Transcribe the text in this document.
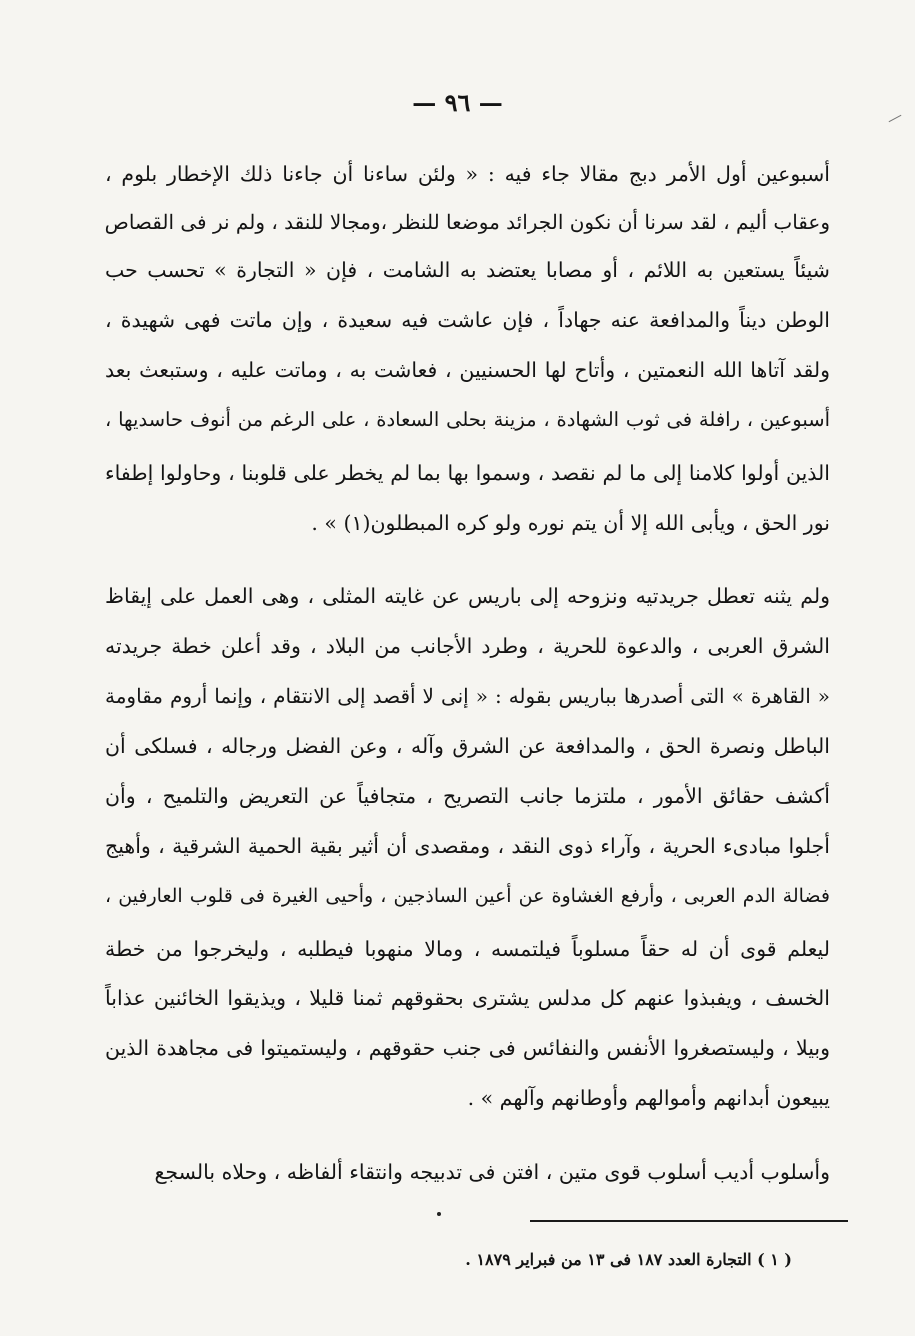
— ٩٦ —
أسبوعين أول الأمر دبج مقالا جاء فيه : « ولئن ساءنا أن جاءنا ذلك الإخطار بلوم ،
وعقاب أليم ، لقد سرنا أن نكون الجرائد موضعا للنظر ،ومجالا للنقد ، ولم نر فى القصاص
شيئاً يستعين به اللائم ، أو مصابا يعتضد به الشامت ، فإن « التجارة » تحسب حب
الوطن ديناً والمدافعة عنه جهاداً ، فإن عاشت فيه سعيدة ، وإن ماتت فهى شهيدة ،
ولقد آتاها الله النعمتين ، وأتاح لها الحسنيين ، فعاشت به ، وماتت عليه ، وستبعث بعد
أسبوعين ، رافلة فى ثوب الشهادة ، مزينة بحلى السعادة ، على الرغم من أنوف حاسديها ،
الذين أولوا كلامنا إلى ما لم نقصد ، وسموا بها بما لم يخطر على قلوبنا ، وحاولوا إطفاء
نور الحق ، ويأبى الله إلا أن يتم نوره ولو كره المبطلون(١) » .
ولم يثنه تعطل جريدتيه ونزوحه إلى باريس عن غايته المثلى ، وهى العمل على إيقاظ
الشرق العربى ، والدعوة للحرية ، وطرد الأجانب من البلاد ، وقد أعلن خطة جريدته
« القاهرة » التى أصدرها بباريس بقوله : « إنى لا أقصد إلى الانتقام ، وإنما أروم مقاومة
الباطل ونصرة الحق ، والمدافعة عن الشرق وآله ، وعن الفضل ورجاله ، فسلكى أن
أكشف حقائق الأمور ، ملتزما جانب التصريح ، متجافياً عن التعريض والتلميح ، وأن
أجلوا مبادىء الحرية ، وآراء ذوى النقد ، ومقصدى أن أثير بقية الحمية الشرقية ، وأهيج
فضالة الدم العربى ، وأرفع الغشاوة عن أعين الساذجين ، وأحيى الغيرة فى قلوب العارفين ،
ليعلم قوى أن له حقاً مسلوباً فيلتمسه ، ومالا منهوبا فيطلبه ، وليخرجوا من خطة
الخسف ، ويفبذوا عنهم كل مدلس يشترى بحقوقهم ثمنا قليلا ، ويذيقوا الخائنين عذاباً
وبيلا ، وليستصغروا الأنفس والنفائس فى جنب حقوقهم ، وليستميتوا فى مجاهدة الذين
يبيعون أبدانهم وأموالهم وأوطانهم وآلهم » .
وأسلوب أديب أسلوب قوى متين ، افتن فى تدبيجه وانتقاء ألفاظه ، وحلاه بالسجع
( ١ ) التجارة العدد ١٨٧ فى ١٣ من فبراير ١٨٧٩ .
